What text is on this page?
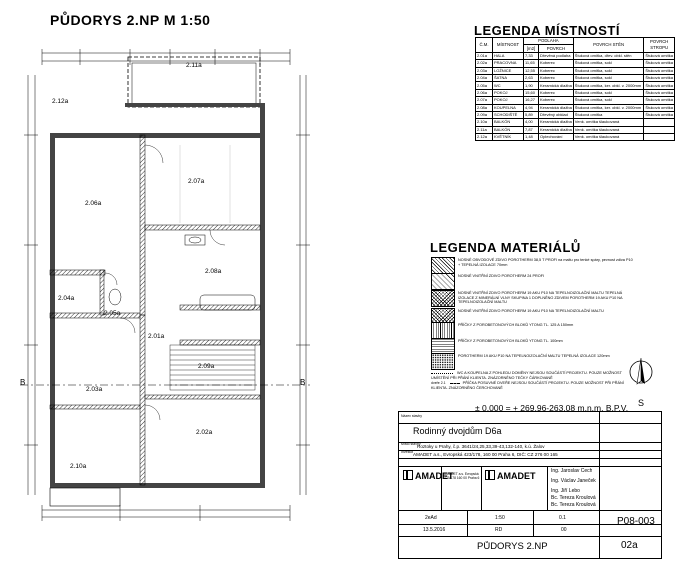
PŮDORYS 2.NP M 1:50
2.11a
2.12a
2.07a
2.06a
2.08a
2.04a
2.05a
2.01a
2.09a
2.03a
2.02a
2.10a
B	B
LEGENDA MÍSTNOSTÍ
Č.M.	MÍSTNOST	PODLAHA		POVRCH STĚN	POVRCH STROPU
		[m2]	POVRCH		
2.01a	HALA	7,33	Dřevěná podlaha	Štuková omítka, dřev. obkl. stěn	Štuková omítka
2.02a	PRACOVNA	11,65	Koberec	Štuková omítka, sokl	Štuková omítka
2.03a	LOŽNICE	12,55	Koberec	Štuková omítka, sokl	Štuková omítka
2.04a	ŠATNA	2,63	Koberec	Štuková omítka, sokl	Štuková omítka
2.05a	WC	1,90	Keramická dlažba	Štuková omítka, ker. obkl. v. 2000mm	Štuková omítka
2.06a	POKOJ	15,60	Koberec	Štuková omítka, sokl	Štuková omítka
2.07a	POKOJ	16,27	Koberec	Štuková omítka, sokl	Štuková omítka
2.08a	KOUPELNA	4,94	Keramická dlažba	Štuková omítka, ker. obkl. v. 2000mm	Štuková omítka
2.09a	SCHODIŠTĚ	5,89	Dřevěný obklad	Štuková omítka	Štuková omítka
2.10a	BALKÓN	4,00	Keramická dlažba	Venk. omítka šlaukovaná	
2.11a	BALKÓN	7,87	Keramická dlažba	Venk. omítka šlaukovaná	
2.12a	KVĚTNÍK	1,48	Oplechování	Venk. omítka šlaukovaná	
LEGENDA MATERIÁLŮ
NOSNÉ OBVODOVÉ ZDIVO POROTHERM 38,5 T PROFI na maltu pro tenké spáry, pevnost zdiva P10 + TEPELNÁ IZOLACE 70mm
NOSNÉ VNITŘNÍ ZDIVO POROTHERM 24 PROFI
NOSNÉ VNITŘNÍ ZDIVO POROTHERM 19 AKU P10 NA TEPELNOIZOLAČNÍ MALTU TEPELNÁ IZOLACE Z MINERÁLNÍ VLNY SKUPINA 1 DOPLNĚNO ZDIVEM POROTHERM 19 AKU P10 NA TEPELNOIZOLAČNÍ MALTU
NOSNÉ VNITŘNÍ ZDIVO POROTHERM 19 AKU P10 NA TEPELNOIZOLAČNÍ MALTU
PŘÍČKY Z POROBETONOVÝCH BLOKŮ YTONG TL. 125 A 150mm
PŘÍČKY Z POROBETONOVÝCH BLOKŮ YTONG TL. 100mm
POROTHERM 19 AKU P10 NA TEPELNOIZOLAČNÍ MALTU TEPELNÁ IZOLACE 120mm
WC A KOUPELNA Z POHLEDU DOMĚNY NEJSOU SOUČÁSTÍ PROJEKTU. POUZE MOŽNOST UMÍSTĚNÍ PŘI PŘÁNÍ KLIENTA. ZNÁZORNĚNO TEČKY ČÁRKOVANĚ
dveře 2.1	PŘÍČKA POSUVNÉ DVEŘE NEJSOU SOUČÁSTÍ PROJEKTU. POUZE MOŽNOST PŘI PŘÁNÍ KLIENTA. ZNÁZORNĚNO ČERCHOVANĚ
S
± 0,000 = + 269,96-263,08 m.n.m. B.P.V.
Název stavby
Rodinný dvojdům D6a
Místo stavby
Roztoky u Prahy, č.p. 3641/24,25,33,39-43,132-140, k.ú. Žalov
Investor AMADET a.s., Evropská 423/178, 160 00 Praha 6, DIČ: CZ 276 00 165
AMADET	AMADET
AMADET a.s. Evropská 423/178 160 00 Praha 6
Ing. Jaroslav Čech
Ing. Václav Janeček
Ing. Jiří Lebo
Bc. Tereza Kroulová
Bc. Tereza Kroulová
2eAd	1:50	0.1
13.5.2016	RD	00
P08-003
02a
PŮDORYS 2.NP
